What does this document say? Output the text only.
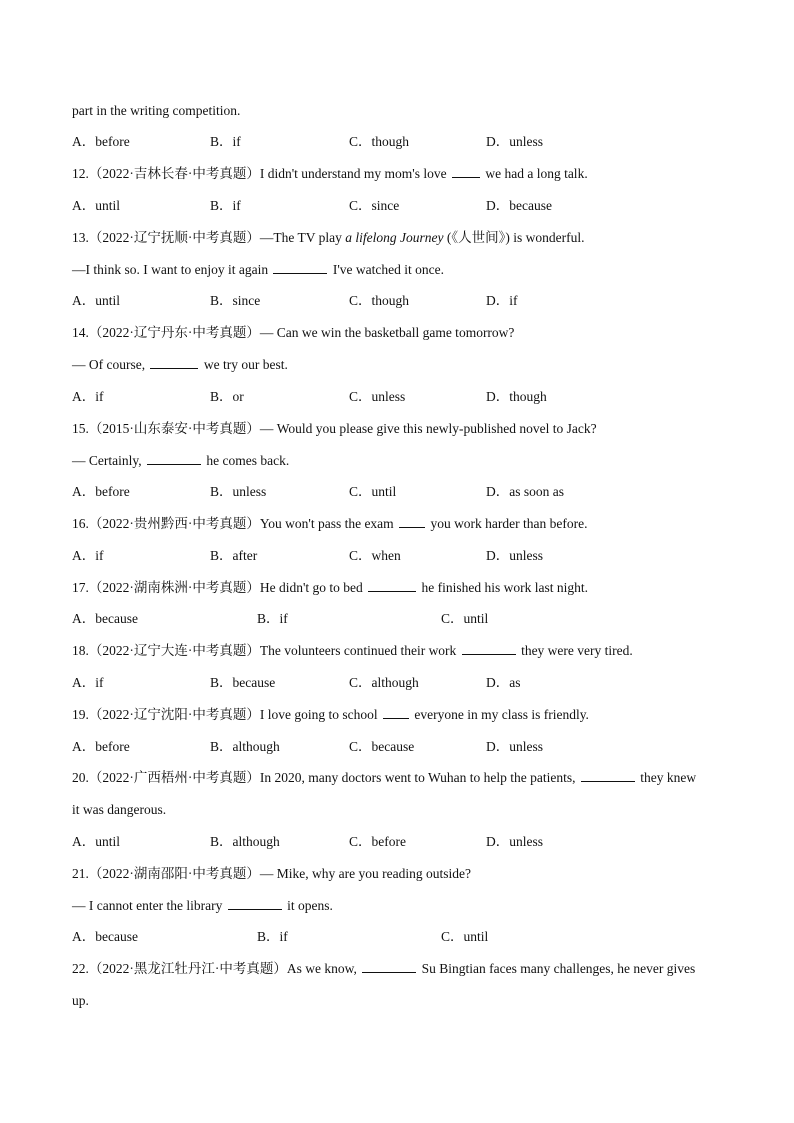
part in the writing competition.
A．before	B．if	C．though	D．unless
12.（2022·吉林长春·中考真题）I didn't understand my mom's love	we had a long talk.
A．until	B．if	C．since	D．because
13.（2022·辽宁抚顺·中考真题）—The TV play a lifelong Journey (《人世间》) is wonderful.
—I think so. I want to enjoy it again	I've watched it once.
A．until	B．since	C．though	D．if
14.（2022·辽宁丹东·中考真题）— Can we win the basketball game tomorrow?
— Of course,	we try our best.
A．if	B．or	C．unless	D．though
15.（2015·山东泰安·中考真题）— Would you please give this newly-published novel to Jack?
— Certainly,	he comes back.
A．before	B．unless	C．until	D．as soon as
16.（2022·贵州黔西·中考真题）You won't pass the exam	you work harder than before.
A．if	B．after	C．when	D．unless
17.（2022·湖南株洲·中考真题）He didn't go to bed	he finished his work last night.
A．because	B．if	C．until
18.（2022·辽宁大连·中考真题）The volunteers continued their work	they were very tired.
A．if	B．because	C．although	D．as
19.（2022·辽宁沈阳·中考真题）I love going to school	everyone in my class is friendly.
A．before	B．although	C．because	D．unless
20.（2022·广西梧州·中考真题）In 2020, many doctors went to Wuhan to help the patients,	they knew
it was dangerous.
A．until	B．although	C．before	D．unless
21.（2022·湖南邵阳·中考真题）— Mike, why are you reading outside?
— I cannot enter the library	it opens.
A．because	B．if	C．until
22.（2022·黑龙江牡丹江·中考真题）As we know,	Su Bingtian faces many challenges, he never gives
up.
